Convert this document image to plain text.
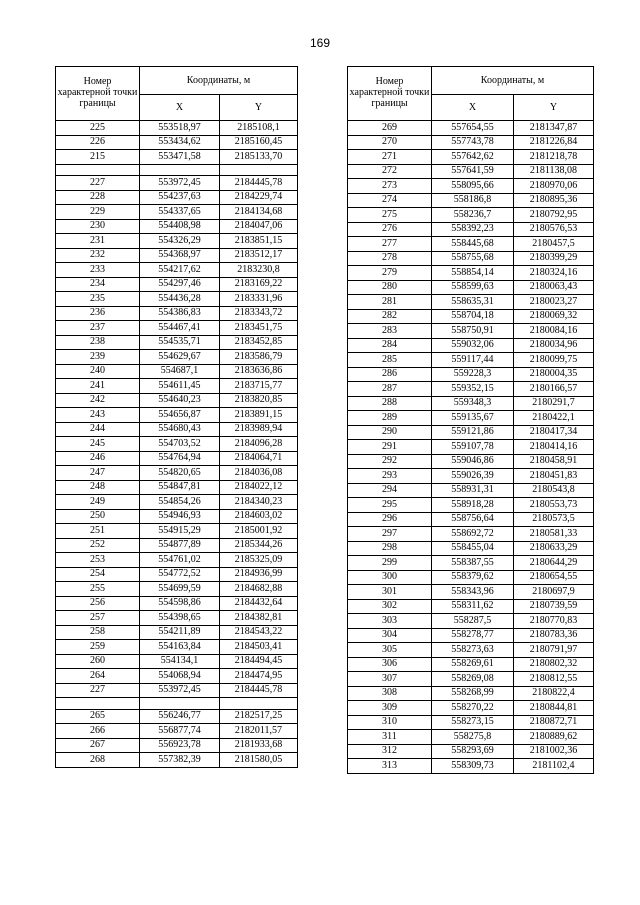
169
Номер характерной точки границы	Координаты, м	
	X	Y
225	553518,97	2185108,1
226	553434,62	2185160,45
215	553471,58	2185133,70

227	553972,45	2184445,78
228	554237,63	2184229,74
229	554337,65	2184134,68
230	554408,98	2184047,06
231	554326,29	2183851,15
232	554368,97	2183512,17
233	554217,62	2183230,8
234	554297,46	2183169,22
235	554436,28	2183331,96
236	554386,83	2183343,72
237	554467,41	2183451,75
238	554535,71	2183452,85
239	554629,67	2183586,79
240	554687,1	2183636,86
241	554611,45	2183715,77
242	554640,23	2183820,85
243	554656,87	2183891,15
244	554680,43	2183989,94
245	554703,52	2184096,28
246	554764,94	2184064,71
247	554820,65	2184036,08
248	554847,81	2184022,12
249	554854,26	2184340,23
250	554946,93	2184603,02
251	554915,29	2185001,92
252	554877,89	2185344,26
253	554761,02	2185325,09
254	554772,52	2184936,99
255	554699,59	2184682,88
256	554598,86	2184432,64
257	554398,65	2184382,81
258	554211,89	2184543,22
259	554163,84	2184503,41
260	554134,1	2184494,45
264	554068,94	2184474,95
227	553972,45	2184445,78

265	556246,77	2182517,25
266	556877,74	2182011,57
267	556923,78	2181933,68
268	557382,39	2181580,05
Номер характерной точки границы	Координаты, м	
	X	Y
269	557654,55	2181347,87
270	557743,78	2181226,84
271	557642,62	2181218,78
272	557641,59	2181138,08
273	558095,66	2180970,06
274	558186,8	2180895,36
275	558236,7	2180792,95
276	558392,23	2180576,53
277	558445,68	2180457,5
278	558755,68	2180399,29
279	558854,14	2180324,16
280	558599,63	2180063,43
281	558635,31	2180023,27
282	558704,18	2180069,32
283	558750,91	2180084,16
284	559032,06	2180034,96
285	559117,44	2180099,75
286	559228,3	2180004,35
287	559352,15	2180166,57
288	559348,3	2180291,7
289	559135,67	2180422,1
290	559121,86	2180417,34
291	559107,78	2180414,16
292	559046,86	2180458,91
293	559026,39	2180451,83
294	558931,31	2180543,8
295	558918,28	2180553,73
296	558756,64	2180573,5
297	558692,72	2180581,33
298	558455,04	2180633,29
299	558387,55	2180644,29
300	558379,62	2180654,55
301	558343,96	2180697,9
302	558311,62	2180739,59
303	558287,5	2180770,83
304	558278,77	2180783,36
305	558273,63	2180791,97
306	558269,61	2180802,32
307	558269,08	2180812,55
308	558268,99	2180822,4
309	558270,22	2180844,81
310	558273,15	2180872,71
311	558275,8	2180889,62
312	558293,69	2181002,36
313	558309,73	2181102,4
